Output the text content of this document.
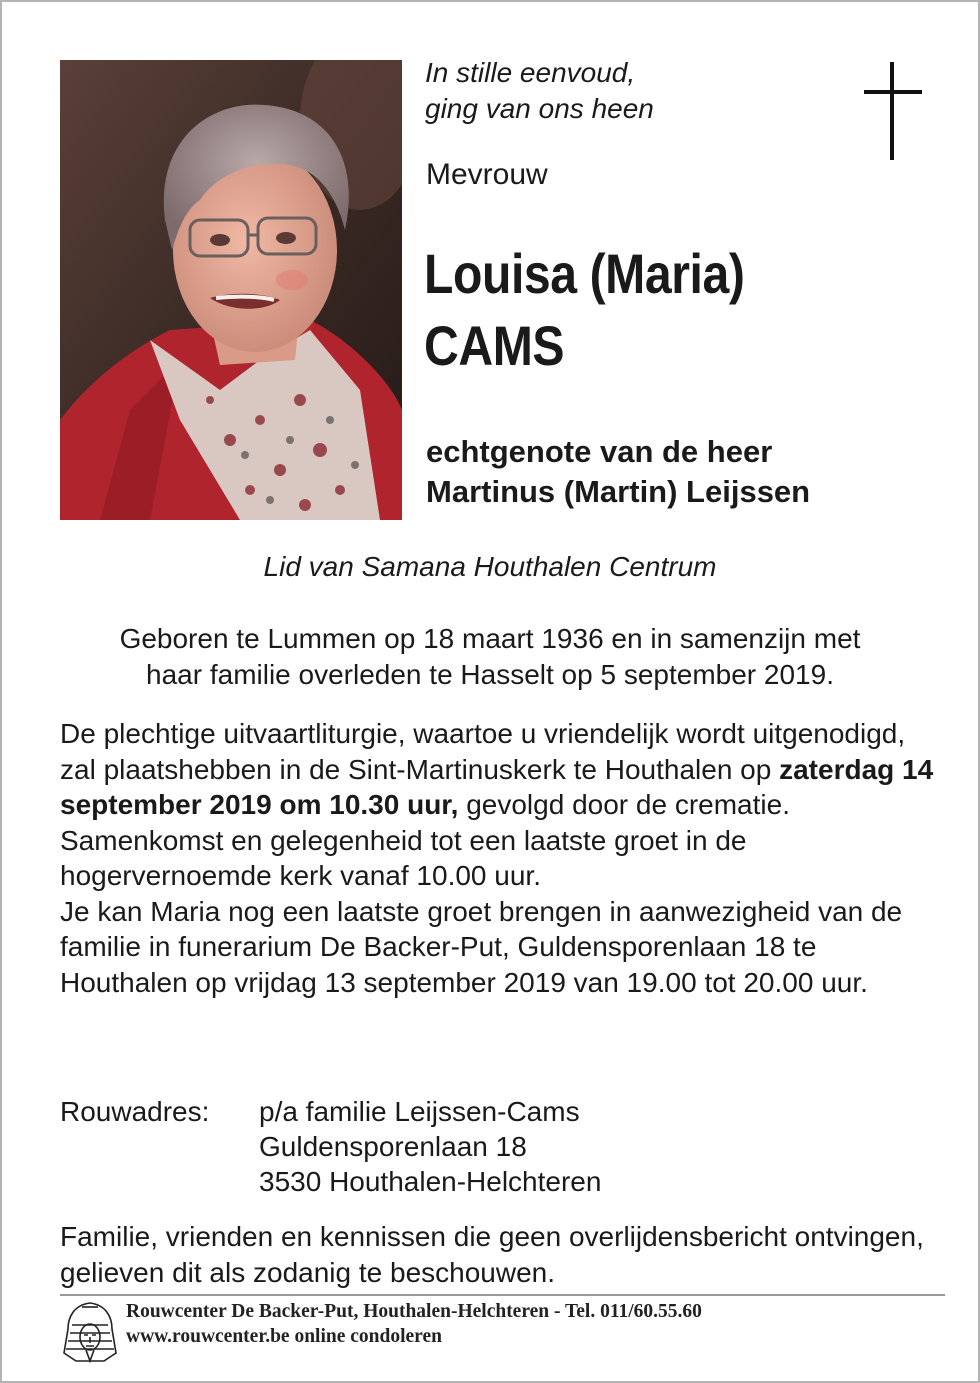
In stille eenvoud,
ging van ons heen

Mevrouw

Louisa (Maria)
CAMS

echtgenote van de heer
Martinus (Martin) Leijssen

Lid van Samana Houthalen Centrum

Geboren te Lummen op 18 maart 1936 en in samenzijn met
haar familie overleden te Hasselt op 5 september 2019.

De plechtige uitvaartliturgie, waartoe u vriendelijk wordt uitgenodigd, zal plaatshebben in de Sint-Martinuskerk te Houthalen op zaterdag 14 september 2019 om 10.30 uur, gevolgd door de crematie.
Samenkomst en gelegenheid tot een laatste groet in de hogervernoemde kerk vanaf 10.00 uur.
Je kan Maria nog een laatste groet brengen in aanwezigheid van de familie in funerarium De Backer-Put, Guldensporenlaan 18 te Houthalen op vrijdag 13 september 2019 van 19.00 tot 20.00 uur.

Rouwadres: p/a familie Leijssen-Cams
Guldensporenlaan 18
3530 Houthalen-Helchteren

Familie, vrienden en kennissen die geen overlijdensbericht ontvingen, gelieven dit als zodanig te beschouwen.

Rouwcenter De Backer-Put, Houthalen-Helchteren - Tel. 011/60.55.60
www.rouwcenter.be online condoleren
